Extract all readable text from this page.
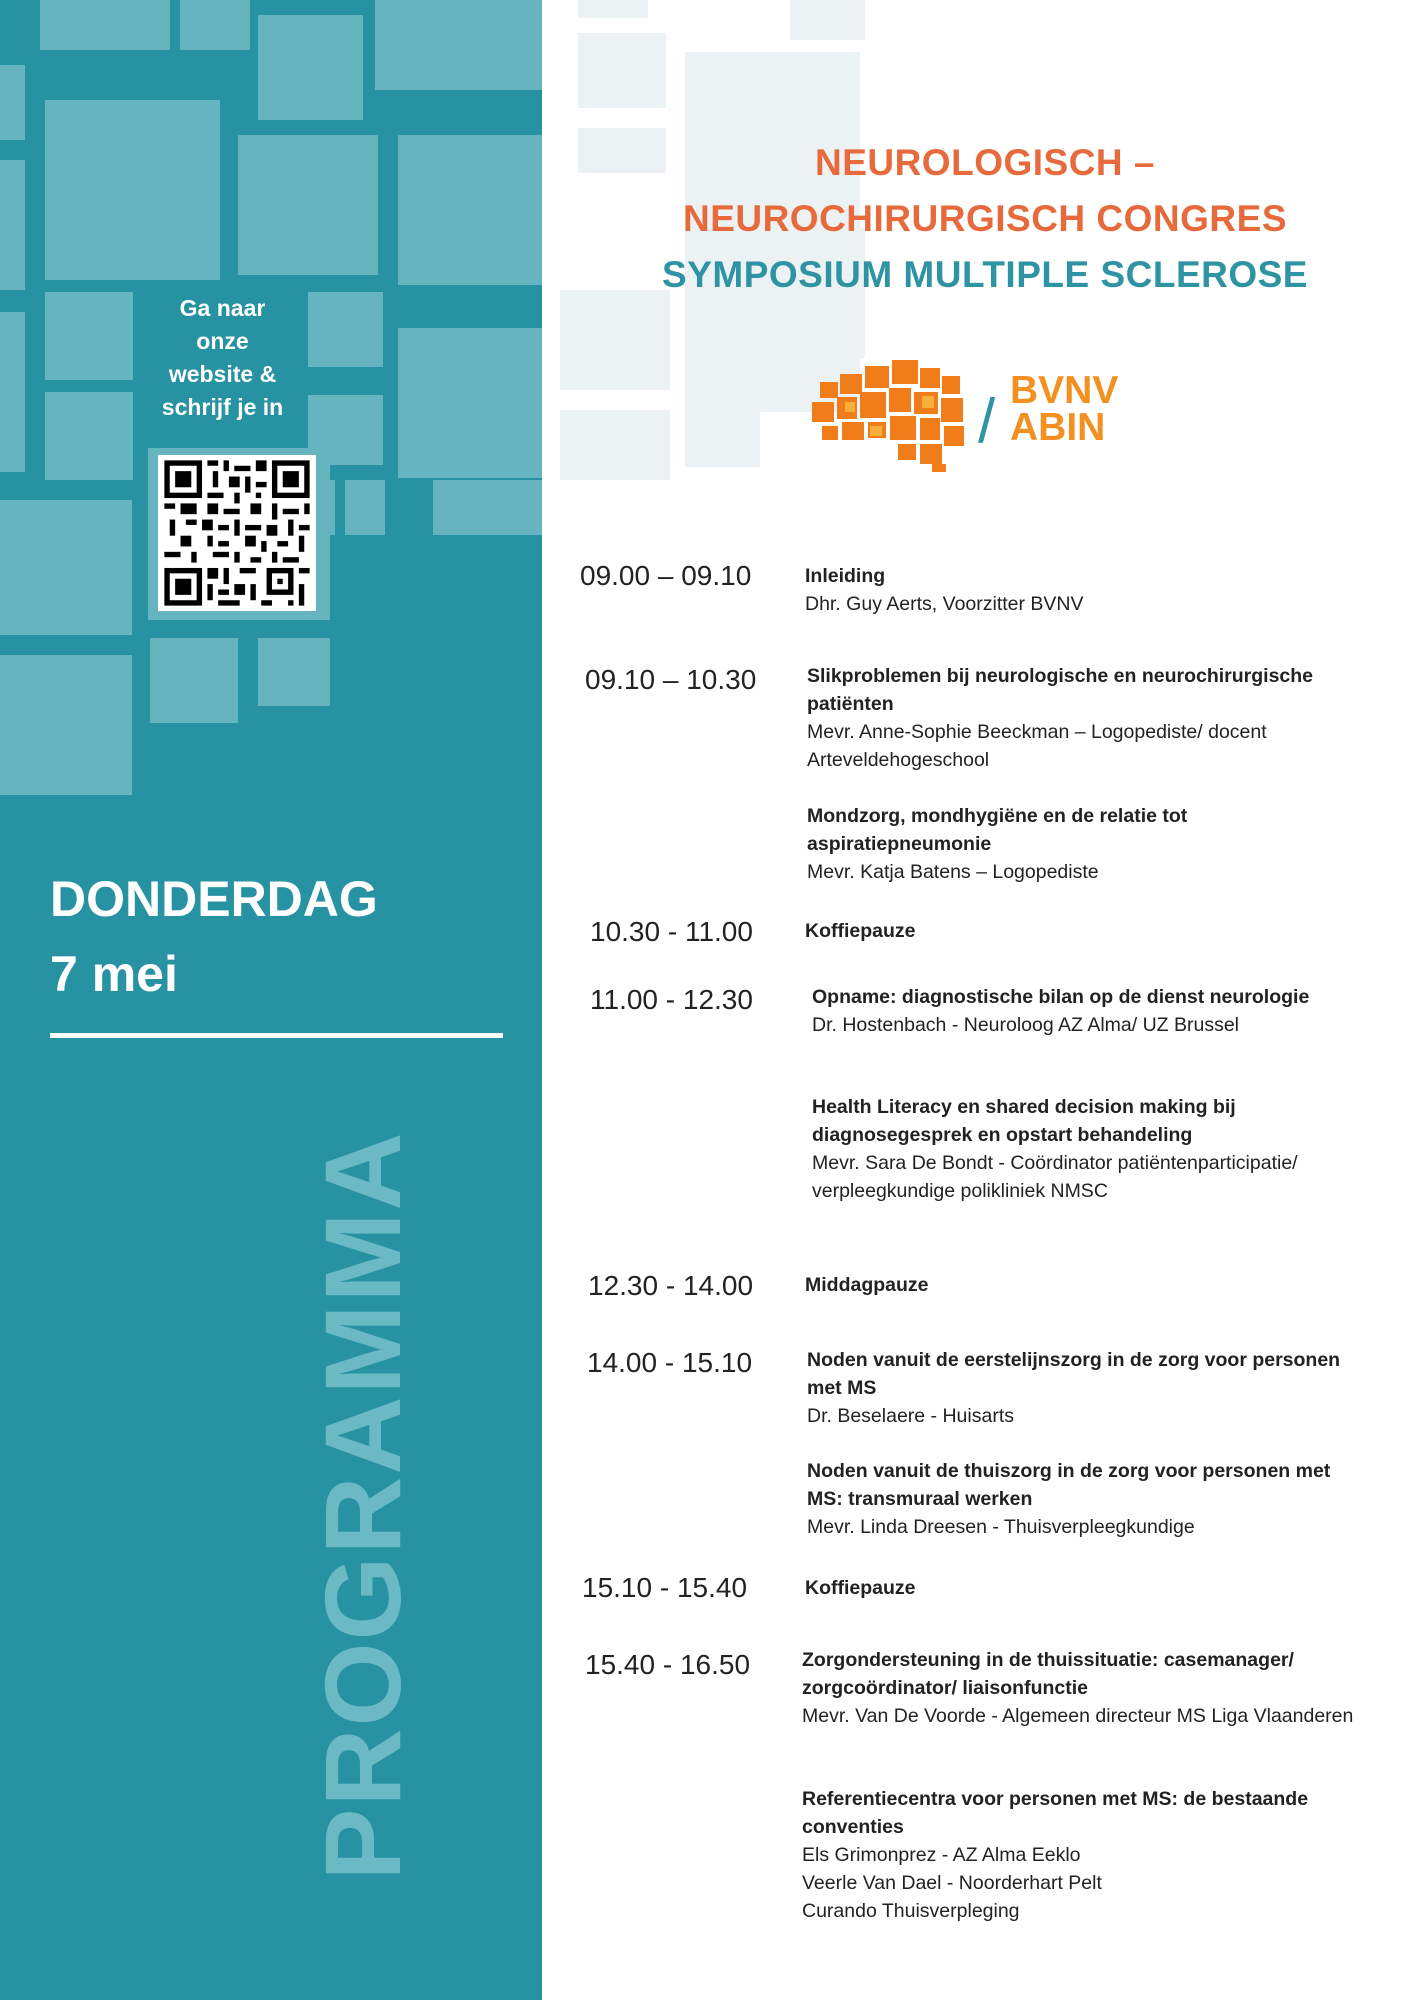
Ga naar
onze
website &
schrijf je in
DONDERDAG
7 mei
PROGRAMMA
NEUROLOGISCH –
NEUROCHIRURGISCH CONGRES
SYMPOSIUM MULTIPLE SCLEROSE
/ BVNV
ABIN
09.00 – 09.10	Inleiding
Dhr. Guy Aerts, Voorzitter BVNV
09.10 – 10.30	Slikproblemen bij neurologische en neurochirurgische patiënten
Mevr. Anne-Sophie Beeckman – Logopediste/ docent Arteveldehogeschool
Mondzorg, mondhygiëne en de relatie tot aspiratiepneumonie
Mevr. Katja Batens – Logopediste
10.30 - 11.00	Koffiepauze
11.00 - 12.30	Opname: diagnostische bilan op de dienst neurologie
Dr. Hostenbach - Neuroloog AZ Alma/ UZ Brussel
Health Literacy en shared decision making bij diagnosegesprek en opstart behandeling
Mevr. Sara De Bondt - Coördinator patiëntenparticipatie/ verpleegkundige polikliniek NMSC
12.30 - 14.00	Middagpauze
14.00 - 15.10	Noden vanuit de eerstelijnszorg in de zorg voor personen met MS
Dr. Beselaere - Huisarts
Noden vanuit de thuiszorg in de zorg voor personen met MS: transmuraal werken
Mevr. Linda Dreesen - Thuisverpleegkundige
15.10 - 15.40	Koffiepauze
15.40 - 16.50	Zorgondersteuning in de thuissituatie: casemanager/ zorgcoördinator/ liaisonfunctie
Mevr. Van De Voorde - Algemeen directeur MS Liga Vlaanderen
Referentiecentra voor personen met MS: de bestaande conventies
Els Grimonprez - AZ Alma Eeklo
Veerle Van Dael - Noorderhart Pelt
Curando Thuisverpleging
